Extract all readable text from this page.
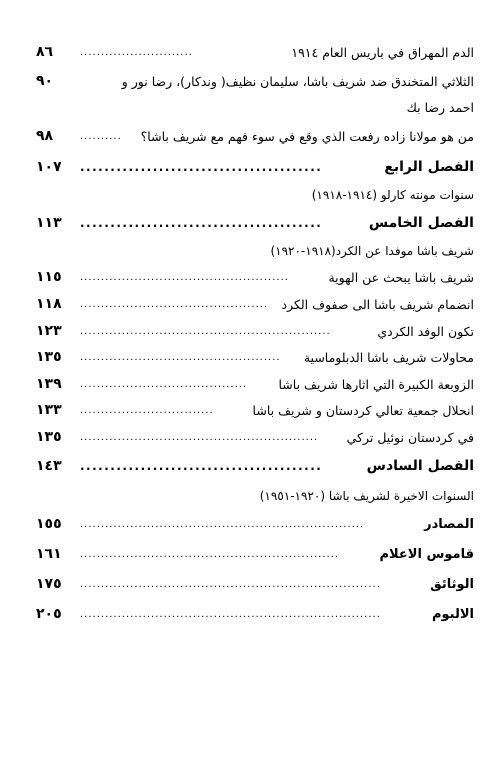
الدم المهراق في باريس العام ١٩١٤
...........................
٨٦
الثلاثي المتخندق ضد شريف باشا، سليمان نظيف( وندكار)، رضا نور و
٩٠
احمد رضا بك
من هو مولانا زاده رفعت الذي وقع في سوء فهم مع شريف باشا؟
..........
٩٨
الفصل الرابع
........................................
١٠٧
سنوات مونته كارلو (١٩١٤-١٩١٨)
الفصل الخامس
........................................
١١٣
شريف باشا موفدا عن الكرد(١٩١٨-١٩٢٠)
شريف باشا يبحث عن الهوية
..................................................
١١٥
انضمام شريف باشا الى صفوف الكرد
.............................................
١١٨
تكون الوفد الكردي
............................................................
١٢٣
محاولات شريف باشا الدبلوماسية
................................................
١٣٥
الزوبعة الكبيرة التي اثارها شريف باشا
........................................
١٣٩
انحلال جمعية تعالي كردستان و شريف باشا
................................
١٣٣
في كردستان نوئيل تركي
.........................................................
١٣٥
الفصل السادس
........................................
١٤٣
السنوات الاخيرة لشريف باشا (١٩٢٠-١٩٥١)
المصادر
....................................................................
١٥٥
قاموس الاعلام
..............................................................
١٦١
الوثائق
........................................................................
١٧٥
الالبوم
........................................................................
٢٠٥
